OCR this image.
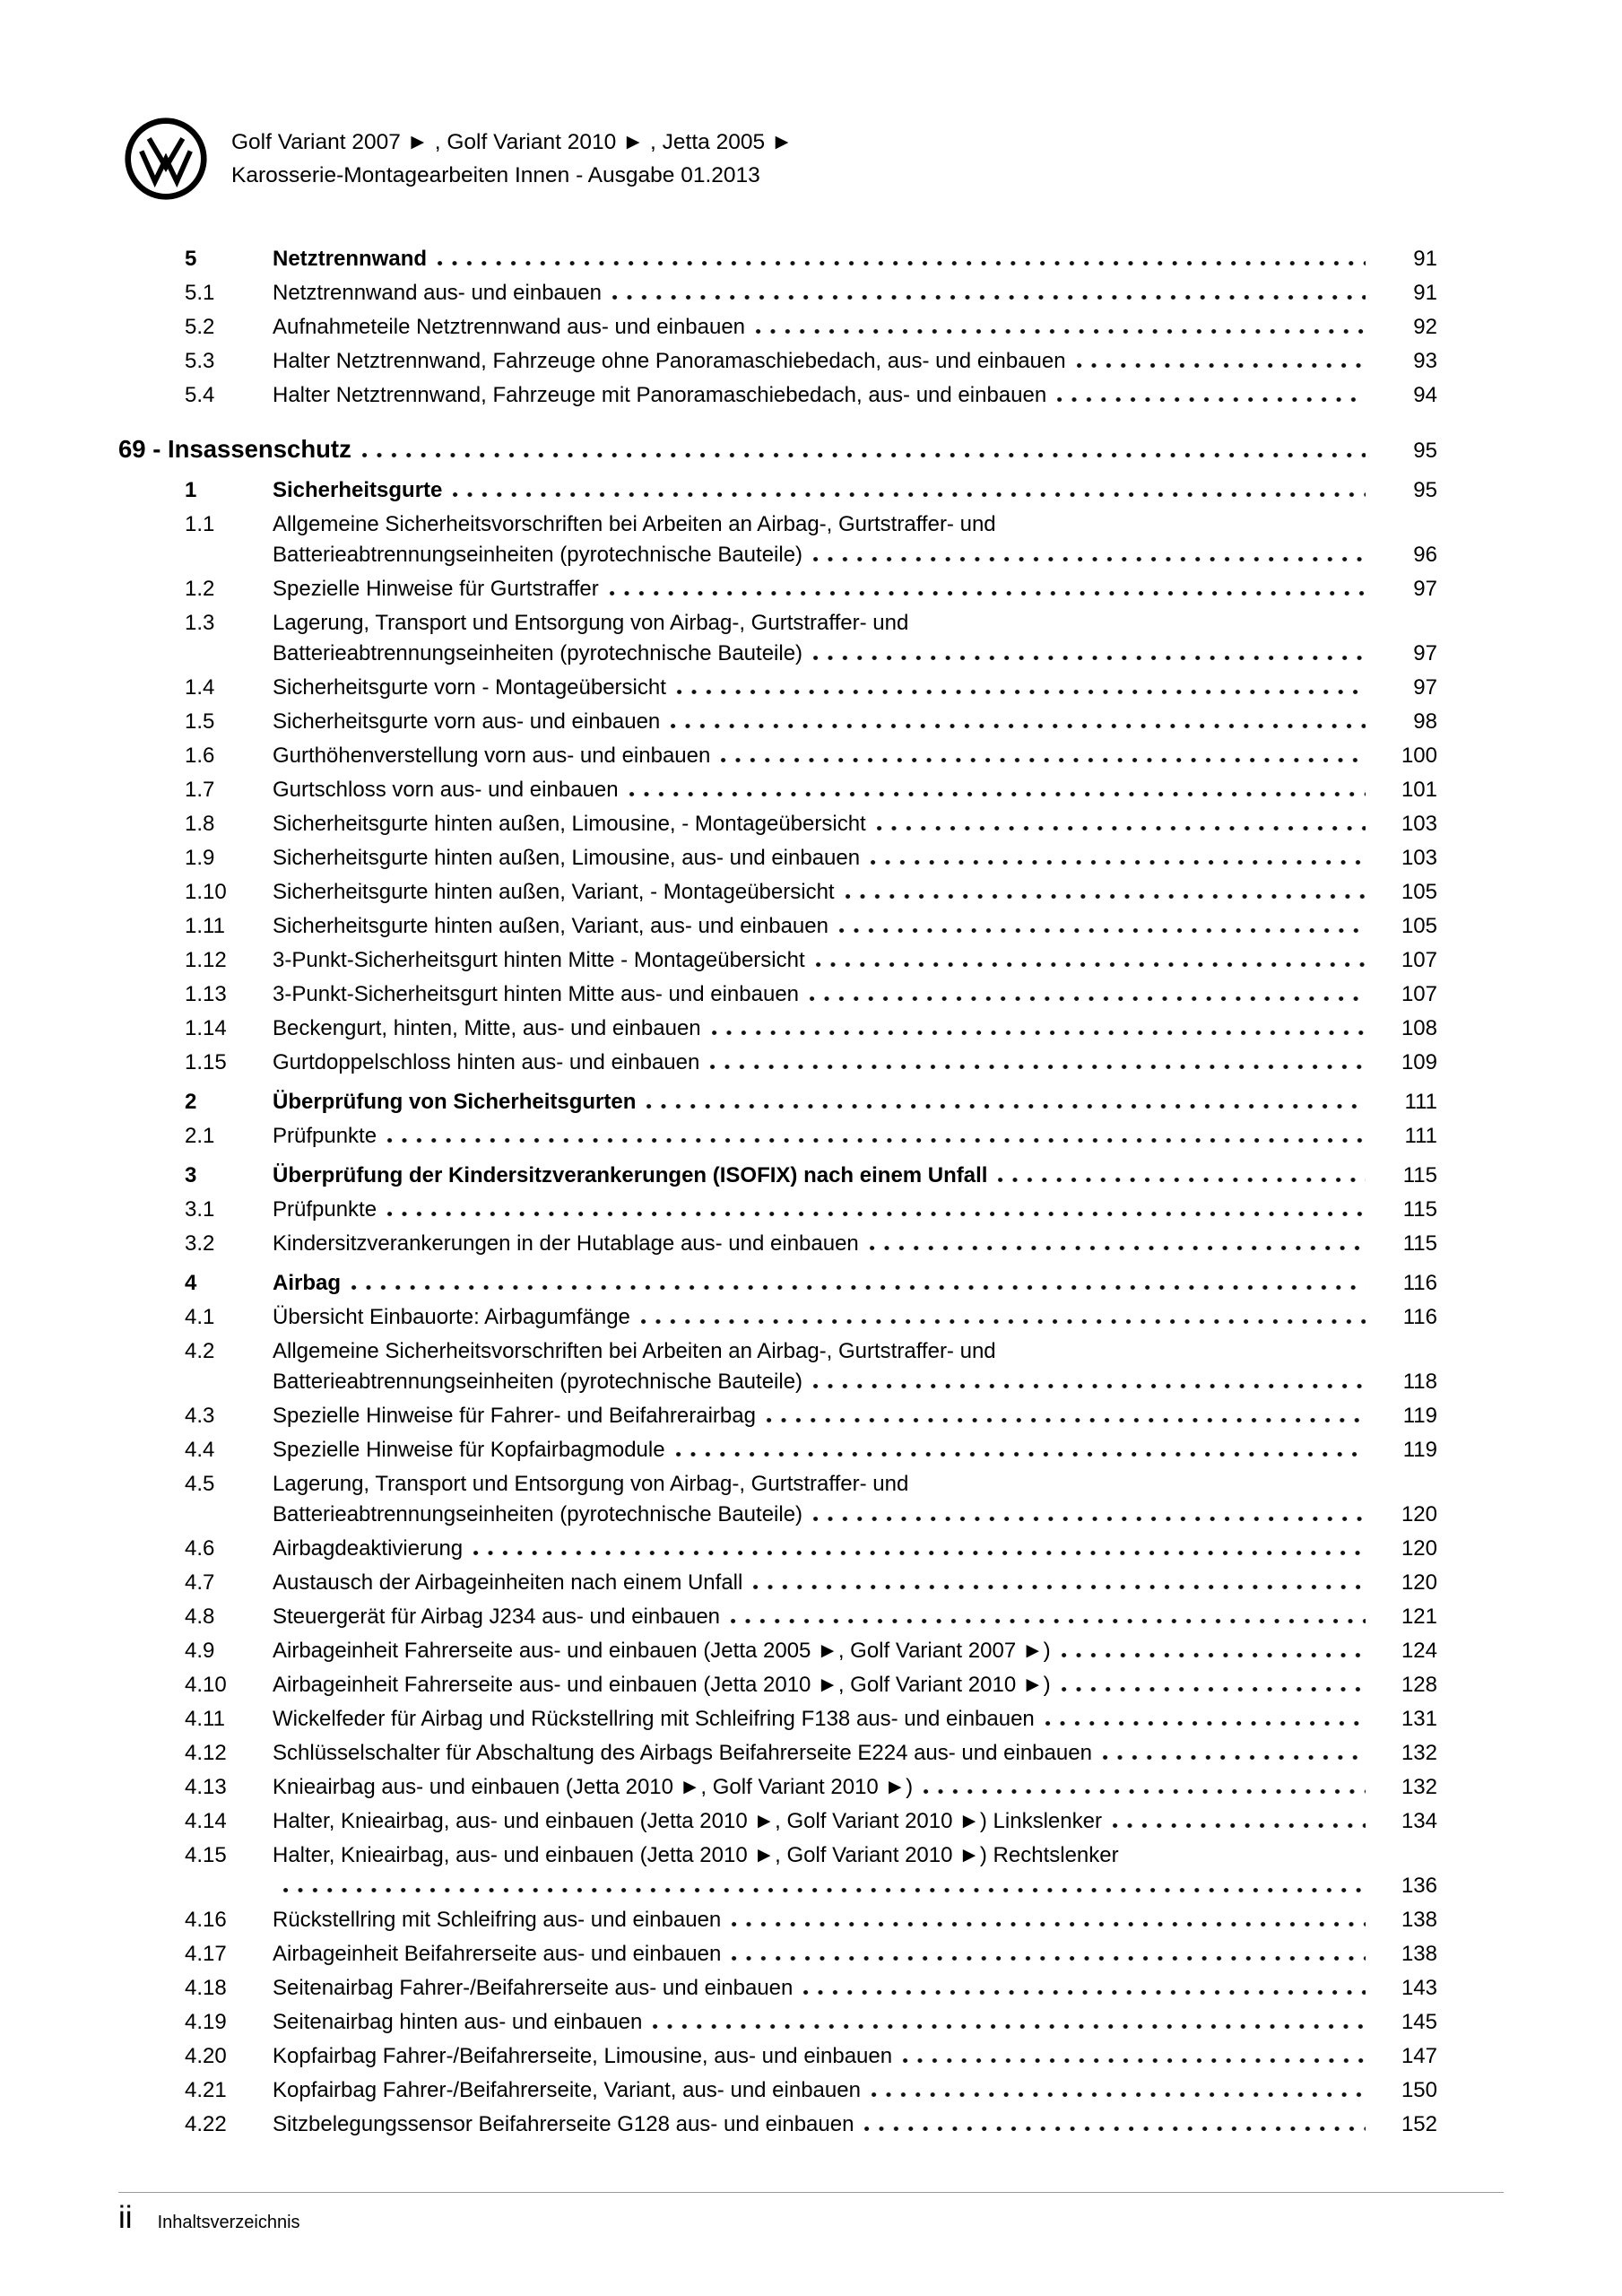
Golf Variant 2007 ► , Golf Variant 2010 ► , Jetta 2005 ►
Karosserie-Montagearbeiten Innen - Ausgabe 01.2013
5	Netztrennwand	91
5.1	Netztrennwand aus- und einbauen	91
5.2	Aufnahmeteile Netztrennwand aus- und einbauen	92
5.3	Halter Netztrennwand, Fahrzeuge ohne Panoramaschiebedach, aus- und einbauen	93
5.4	Halter Netztrennwand, Fahrzeuge mit Panoramaschiebedach, aus- und einbauen	94
69 - Insassenschutz	95
1	Sicherheitsgurte	95
1.1	Allgemeine Sicherheitsvorschriften bei Arbeiten an Airbag-, Gurtstraffer- und
Batterieabtrennungseinheiten (pyrotechnische Bauteile)	96
1.2	Spezielle Hinweise für Gurtstraffer	97
1.3	Lagerung, Transport und Entsorgung von Airbag-, Gurtstraffer- und
Batterieabtrennungseinheiten (pyrotechnische Bauteile)	97
1.4	Sicherheitsgurte vorn - Montageübersicht	97
1.5	Sicherheitsgurte vorn aus- und einbauen	98
1.6	Gurthöhenverstellung vorn aus- und einbauen	100
1.7	Gurtschloss vorn aus- und einbauen	101
1.8	Sicherheitsgurte hinten außen, Limousine, - Montageübersicht	103
1.9	Sicherheitsgurte hinten außen, Limousine, aus- und einbauen	103
1.10	Sicherheitsgurte hinten außen, Variant, - Montageübersicht	105
1.11	Sicherheitsgurte hinten außen, Variant, aus- und einbauen	105
1.12	3-Punkt-Sicherheitsgurt hinten Mitte - Montageübersicht	107
1.13	3-Punkt-Sicherheitsgurt hinten Mitte aus- und einbauen	107
1.14	Beckengurt, hinten, Mitte, aus- und einbauen	108
1.15	Gurtdoppelschloss hinten aus- und einbauen	109
2	Überprüfung von Sicherheitsgurten	111
2.1	Prüfpunkte	111
3	Überprüfung der Kindersitzverankerungen (ISOFIX) nach einem Unfall	115
3.1	Prüfpunkte	115
3.2	Kindersitzverankerungen in der Hutablage aus- und einbauen	115
4	Airbag	116
4.1	Übersicht Einbauorte: Airbagumfänge	116
4.2	Allgemeine Sicherheitsvorschriften bei Arbeiten an Airbag-, Gurtstraffer- und
Batterieabtrennungseinheiten (pyrotechnische Bauteile)	118
4.3	Spezielle Hinweise für Fahrer- und Beifahrerairbag	119
4.4	Spezielle Hinweise für Kopfairbagmodule	119
4.5	Lagerung, Transport und Entsorgung von Airbag-, Gurtstraffer- und
Batterieabtrennungseinheiten (pyrotechnische Bauteile)	120
4.6	Airbagdeaktivierung	120
4.7	Austausch der Airbageinheiten nach einem Unfall	120
4.8	Steuergerät für Airbag J234 aus- und einbauen	121
4.9	Airbageinheit Fahrerseite aus- und einbauen (Jetta 2005 ►, Golf Variant 2007 ►)	124
4.10	Airbageinheit Fahrerseite aus- und einbauen (Jetta 2010 ►, Golf Variant 2010 ►)	128
4.11	Wickelfeder für Airbag und Rückstellring mit Schleifring F138 aus- und einbauen	131
4.12	Schlüsselschalter für Abschaltung des Airbags Beifahrerseite E224 aus- und einbauen	132
4.13	Knieairbag aus- und einbauen (Jetta 2010 ►, Golf Variant 2010 ►)	132
4.14	Halter, Knieairbag, aus- und einbauen (Jetta 2010 ►, Golf Variant 2010 ►) Linkslenker	134
4.15	Halter, Knieairbag, aus- und einbauen (Jetta 2010 ►, Golf Variant 2010 ►) Rechtslenker
136
4.16	Rückstellring mit Schleifring aus- und einbauen	138
4.17	Airbageinheit Beifahrerseite aus- und einbauen	138
4.18	Seitenairbag Fahrer-/Beifahrerseite aus- und einbauen	143
4.19	Seitenairbag hinten aus- und einbauen	145
4.20	Kopfairbag Fahrer-/Beifahrerseite, Limousine, aus- und einbauen	147
4.21	Kopfairbag Fahrer-/Beifahrerseite, Variant, aus- und einbauen	150
4.22	Sitzbelegungssensor Beifahrerseite G128 aus- und einbauen	152
ii Inhaltsverzeichnis
